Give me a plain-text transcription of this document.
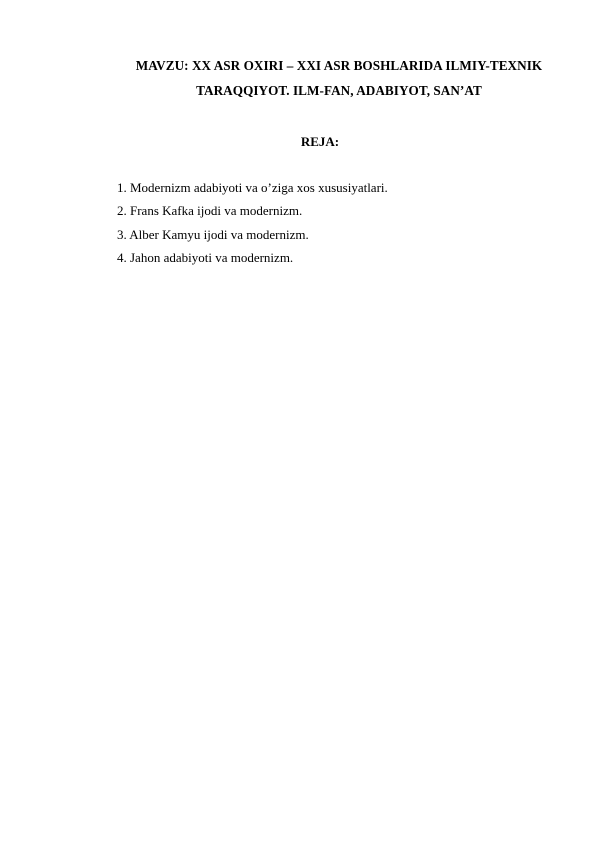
MAVZU: XX ASR OXIRI – XXI ASR BOSHLARIDA ILMIY-TEXNIK
TARAQQIYOT. ILM-FAN, ADABIYOT, SAN’AT
REJA:
1. Modernizm adabiyoti va o’ziga xos xususiyatlari.
2. Frans Kafka ijodi va modernizm.
3. Alber Kamyu ijodi va modernizm.
4. Jahon adabiyoti va modernizm.
